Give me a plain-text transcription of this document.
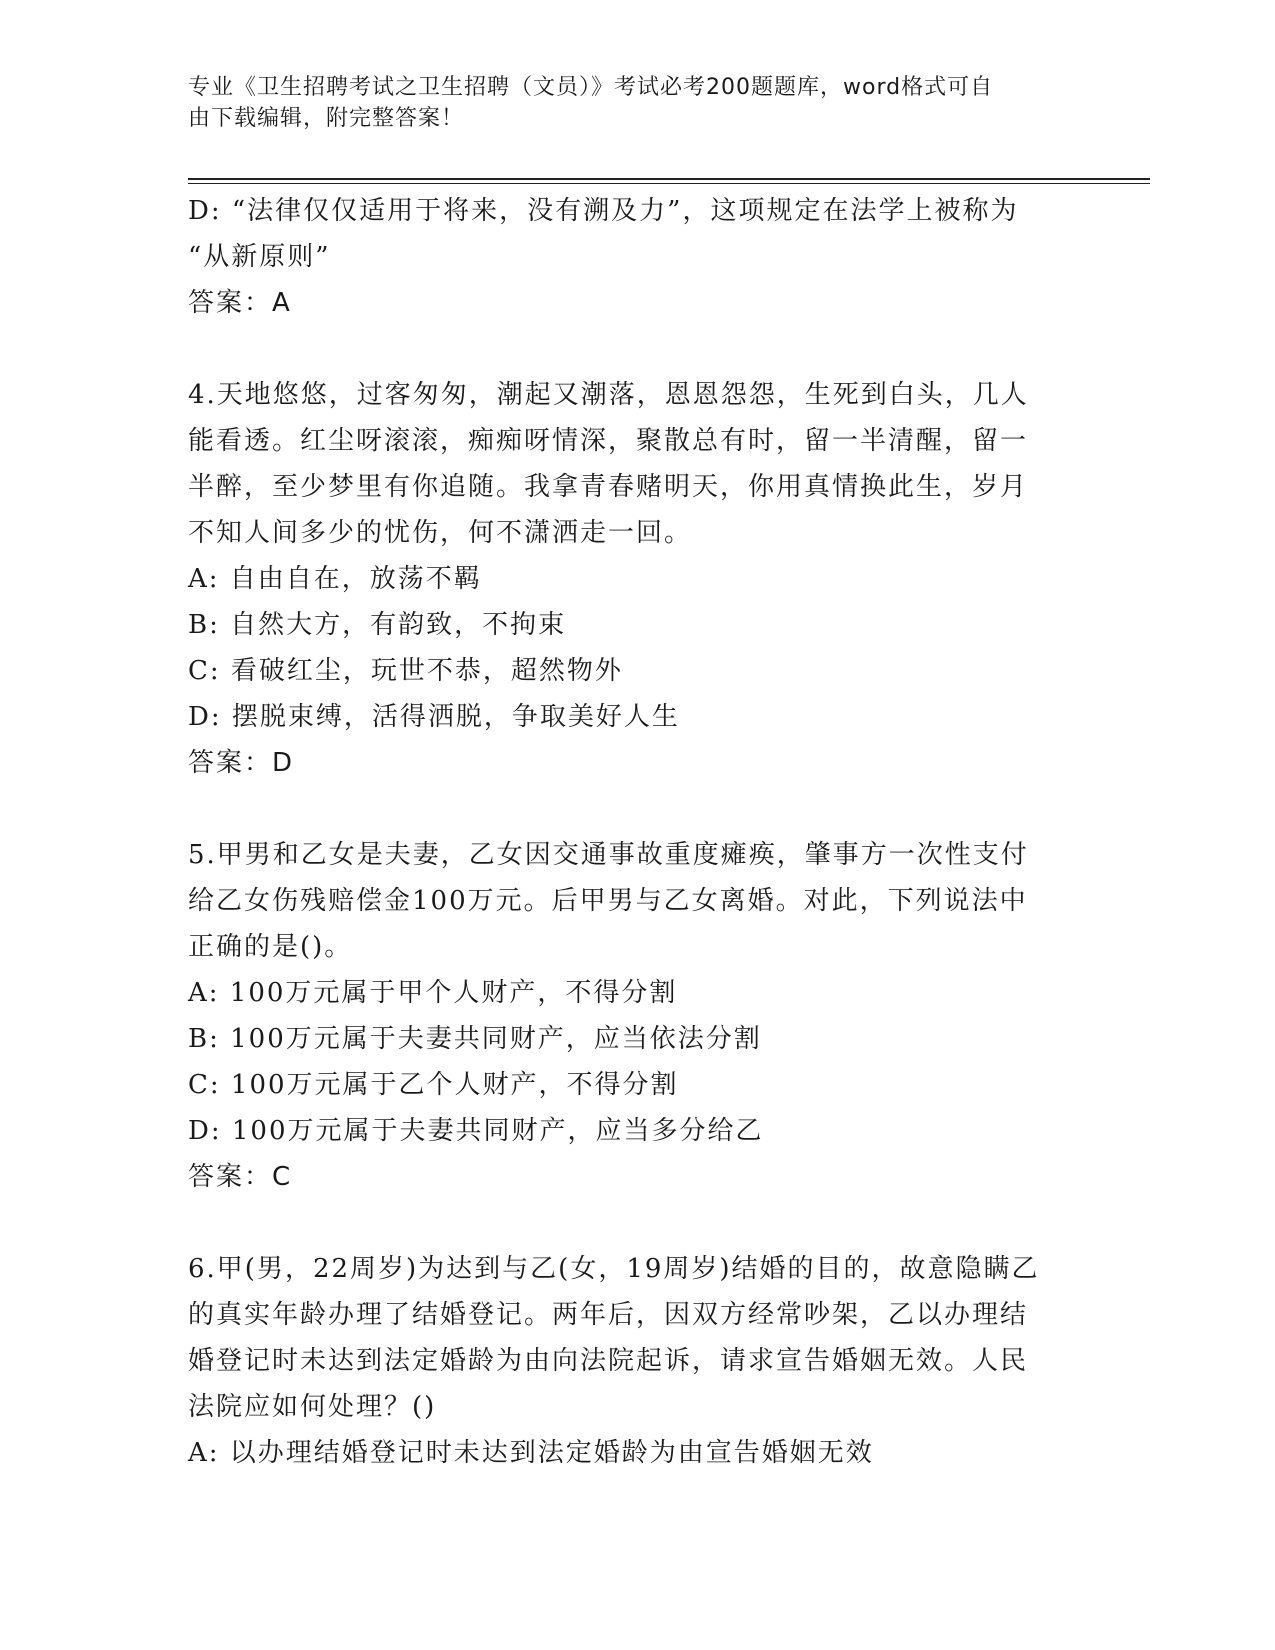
专业《卫生招聘考试之卫生招聘（文员）》考试必考200题题库，word格式可自
由下载编辑，附完整答案！
D: “法律仅仅适用于将来，没有溯及力”，这项规定在法学上被称为
“从新原则”
答案：A
4.天地悠悠，过客匆匆，潮起又潮落，恩恩怨怨，生死到白头，几人
能看透。红尘呀滚滚，痴痴呀情深，聚散总有时，留一半清醒，留一
半醉，至少梦里有你追随。我拿青春赌明天，你用真情换此生，岁月
不知人间多少的忧伤，何不潇洒走一回。
A: 自由自在，放荡不羁
B: 自然大方，有韵致，不拘束
C: 看破红尘，玩世不恭，超然物外
D: 摆脱束缚，活得洒脱，争取美好人生
答案：D
5.甲男和乙女是夫妻，乙女因交通事故重度瘫痪，肇事方一次性支付
给乙女伤残赔偿金100万元。后甲男与乙女离婚。对此，下列说法中
正确的是()。
A: 100万元属于甲个人财产，不得分割
B: 100万元属于夫妻共同财产，应当依法分割
C: 100万元属于乙个人财产，不得分割
D: 100万元属于夫妻共同财产，应当多分给乙
答案：C
6.甲(男，22周岁)为达到与乙(女，19周岁)结婚的目的，故意隐瞒乙
的真实年龄办理了结婚登记。两年后，因双方经常吵架，乙以办理结
婚登记时未达到法定婚龄为由向法院起诉，请求宣告婚姻无效。人民
法院应如何处理？()
A: 以办理结婚登记时未达到法定婚龄为由宣告婚姻无效
